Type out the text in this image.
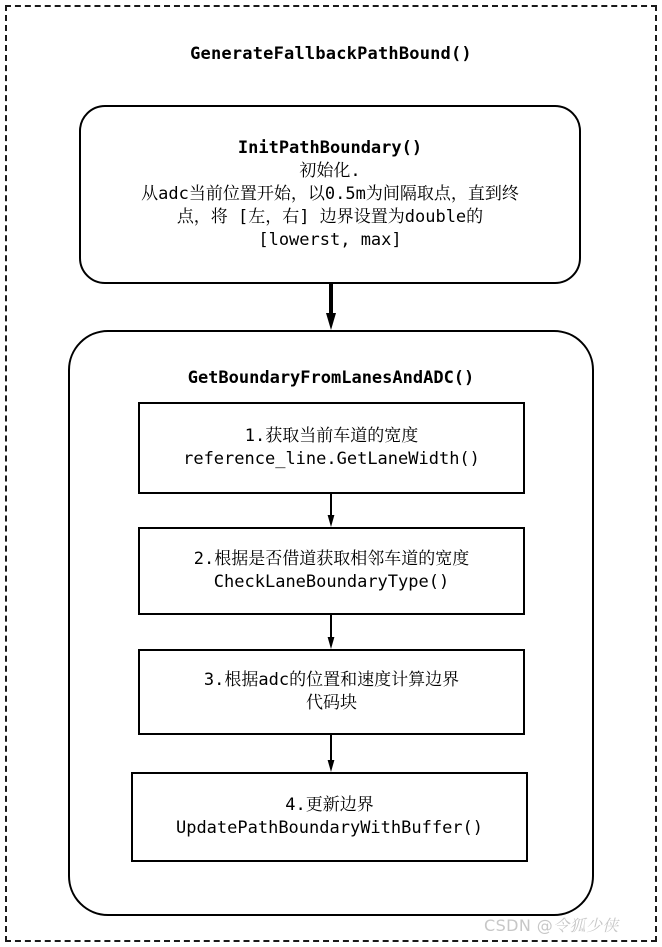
GenerateFallbackPathBound()
InitPathBoundary()
初始化.
从adc当前位置开始，以0.5m为间隔取点，直到终
点，将 [左，右] 边界设置为double的
[lowerst, max]
GetBoundaryFromLanesAndADC()
1.获取当前车道的宽度
reference_line.GetLaneWidth()
2.根据是否借道获取相邻车道的宽度
CheckLaneBoundaryType()
3.根据adc的位置和速度计算边界
代码块
4.更新边界
UpdatePathBoundaryWithBuffer()
CSDN @令狐少侠
